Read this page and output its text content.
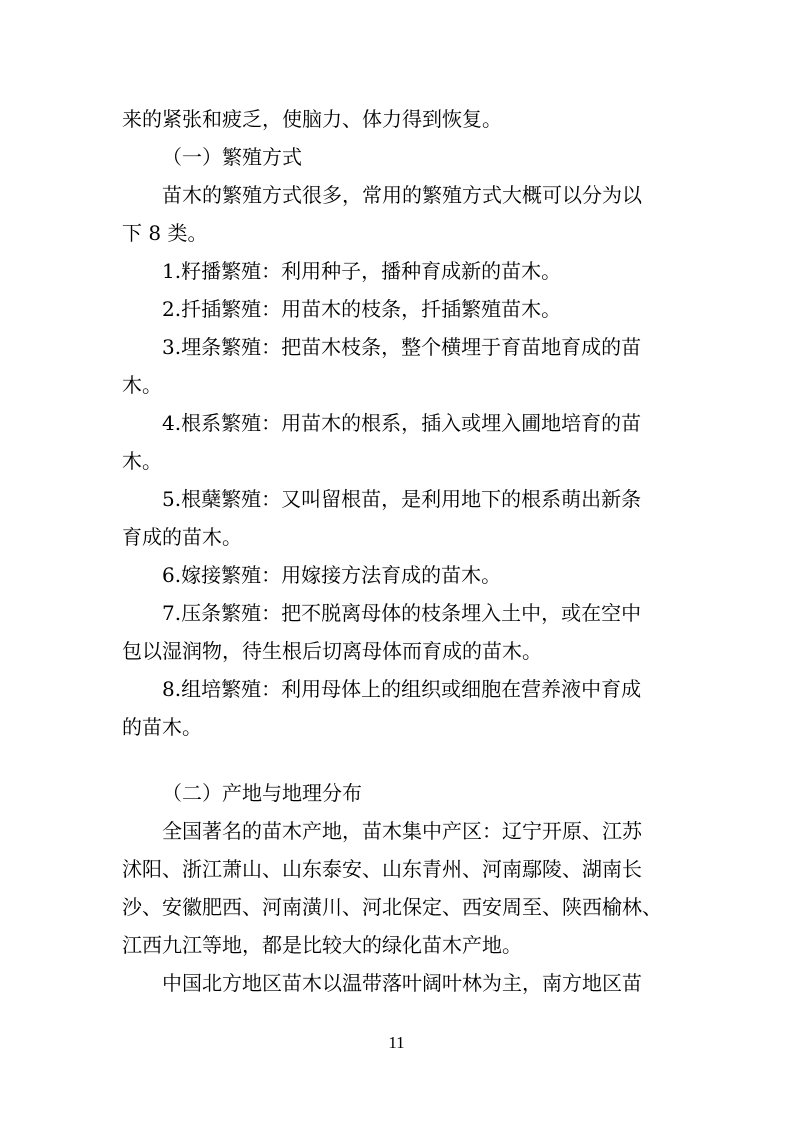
来的紧张和疲乏，使脑力、体力得到恢复。
（一）繁殖方式
苗木的繁殖方式很多，常用的繁殖方式大概可以分为以
下 8 类。
1.籽播繁殖：利用种子，播种育成新的苗木。
2.扦插繁殖：用苗木的枝条，扦插繁殖苗木。
3.埋条繁殖：把苗木枝条，整个横埋于育苗地育成的苗
木。
4.根系繁殖：用苗木的根系，插入或埋入圃地培育的苗
木。
5.根蘖繁殖：又叫留根苗，是利用地下的根系萌出新条
育成的苗木。
6.嫁接繁殖：用嫁接方法育成的苗木。
7.压条繁殖：把不脱离母体的枝条埋入土中，或在空中
包以湿润物，待生根后切离母体而育成的苗木。
8.组培繁殖：利用母体上的组织或细胞在营养液中育成
的苗木。
（二）产地与地理分布
全国著名的苗木产地，苗木集中产区：辽宁开原、江苏
沭阳、浙江萧山、山东泰安、山东青州、河南鄢陵、湖南长
沙、安徽肥西、河南潢川、河北保定、西安周至、陕西榆林、
江西九江等地，都是比较大的绿化苗木产地。
中国北方地区苗木以温带落叶阔叶林为主，南方地区苗
11
